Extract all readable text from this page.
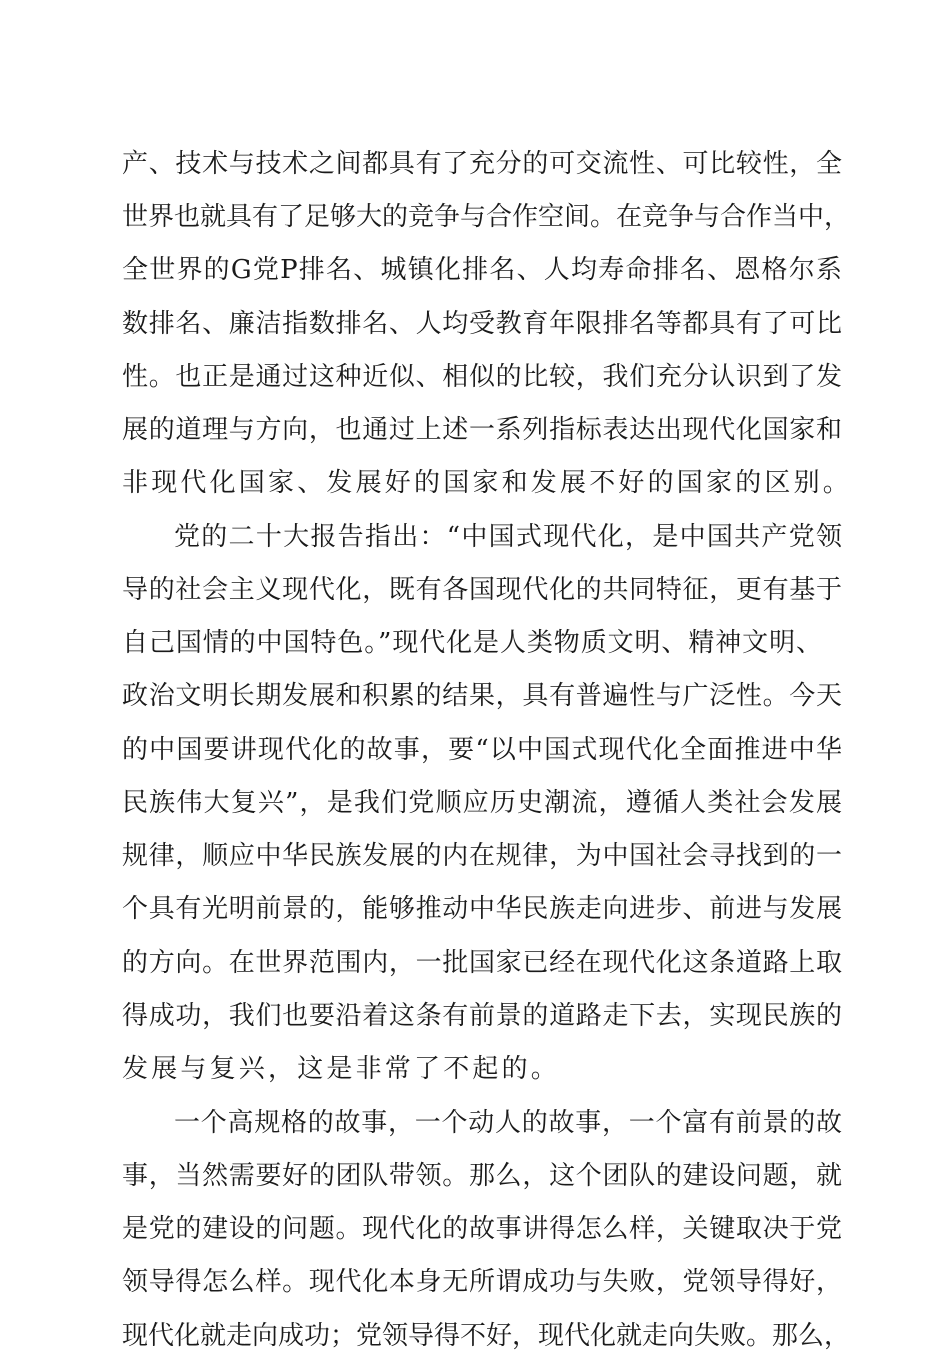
产、技术与技术之间都具有了充分的可交流性、可比较性，全
世界也就具有了足够大的竞争与合作空间。在竞争与合作当中，
全世界的G党P排名、城镇化排名、人均寿命排名、恩格尔系
数排名、廉洁指数排名、人均受教育年限排名等都具有了可比
性。也正是通过这种近似、相似的比较，我们充分认识到了发
展的道理与方向，也通过上述一系列指标表达出现代化国家和
非现代化国家、发展好的国家和发展不好的国家的区别。
党的二十大报告指出：“中国式现代化，是中国共产党领
导的社会主义现代化，既有各国现代化的共同特征，更有基于
自己国情的中国特色。”现代化是人类物质文明、精神文明、
政治文明长期发展和积累的结果，具有普遍性与广泛性。今天
的中国要讲现代化的故事，要“以中国式现代化全面推进中华
民族伟大复兴”，是我们党顺应历史潮流，遵循人类社会发展
规律，顺应中华民族发展的内在规律，为中国社会寻找到的一
个具有光明前景的，能够推动中华民族走向进步、前进与发展
的方向。在世界范围内，一批国家已经在现代化这条道路上取
得成功，我们也要沿着这条有前景的道路走下去，实现民族的
发展与复兴，这是非常了不起的。
一个高规格的故事，一个动人的故事，一个富有前景的故
事，当然需要好的团队带领。那么，这个团队的建设问题，就
是党的建设的问题。现代化的故事讲得怎么样，关键取决于党
领导得怎么样。现代化本身无所谓成功与失败，党领导得好，
现代化就走向成功；党领导得不好，现代化就走向失败。那么，
